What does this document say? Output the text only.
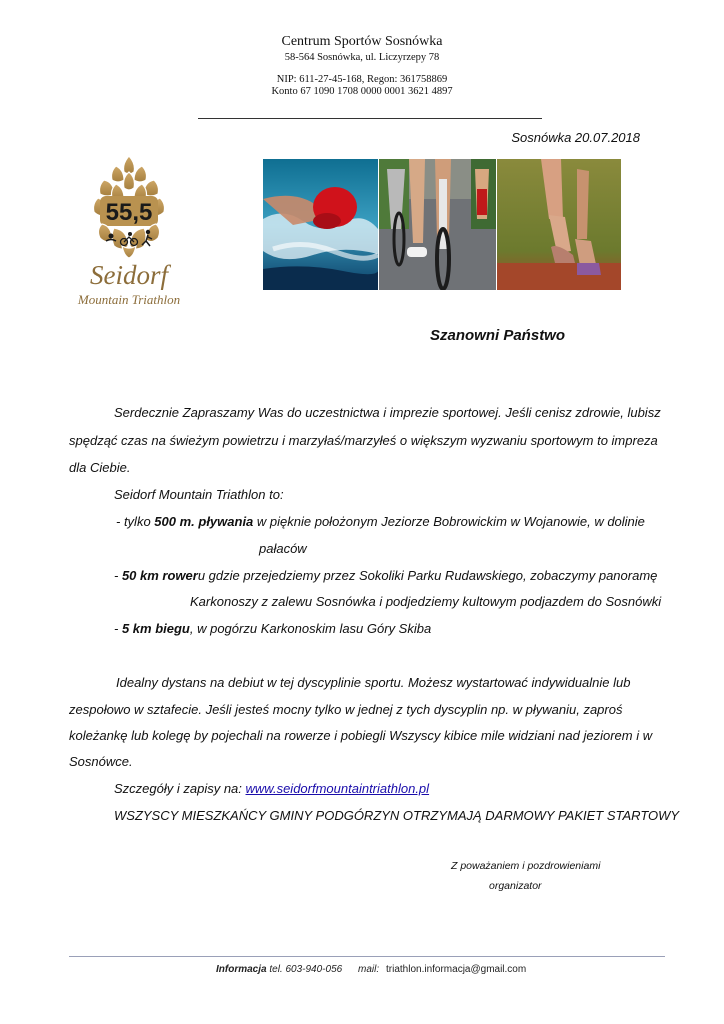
Centrum Sportów Sosnówka
58-564 Sosnówka, ul. Liczyrzepy 78
NIP: 611-27-45-168, Regon: 361758869
Konto 67 1090 1708 0000 0001 3621 4897
Sosnówka 20.07.2018
55,5
Seidorf
Mountain Triathlon
Szanowni Państwo
Serdecznie Zapraszamy Was do uczestnictwa i imprezie sportowej. Jeśli cenisz zdrowie, lubisz
spędząć czas na świeżym powietrzu i marzyłaś/marzyłeś o większym wyzwaniu sportowym to impreza
dla Ciebie.
Seidorf Mountain Triathlon to:
- tylko 500 m. pływania w pięknie położonym Jeziorze Bobrowickim w Wojanowie, w dolinie
pałaców
- 50 km roweru gdzie przejedziemy przez Sokoliki Parku Rudawskiego, zobaczymy panoramę
Karkonoszy z zalewu Sosnówka i podjedziemy kultowym podjazdem do Sosnówki
- 5 km biegu, w pogórzu Karkonoskim lasu Góry Skiba
Idealny dystans na debiut w tej dyscyplinie sportu. Możesz wystartować indywidualnie lub
zespołowo w sztafecie. Jeśli jesteś mocny tylko w jednej z tych dyscyplin np. w pływaniu, zaproś
koleżankę lub kolegę by pojechali na rowerze i pobiegli Wszyscy kibice mile widziani nad jeziorem i w
Sosnówce.
Szczegóły i zapisy na: www.seidorfmountaintriathlon.pl
WSZYSCY MIESZKAŃCY GMINY PODGÓRZYN OTRZYMAJĄ DARMOWY PAKIET STARTOWY
Z poważaniem i pozdrowieniami
organizator
Informacja tel. 603-940-056 mail: triathlon.informacja@gmail.com
